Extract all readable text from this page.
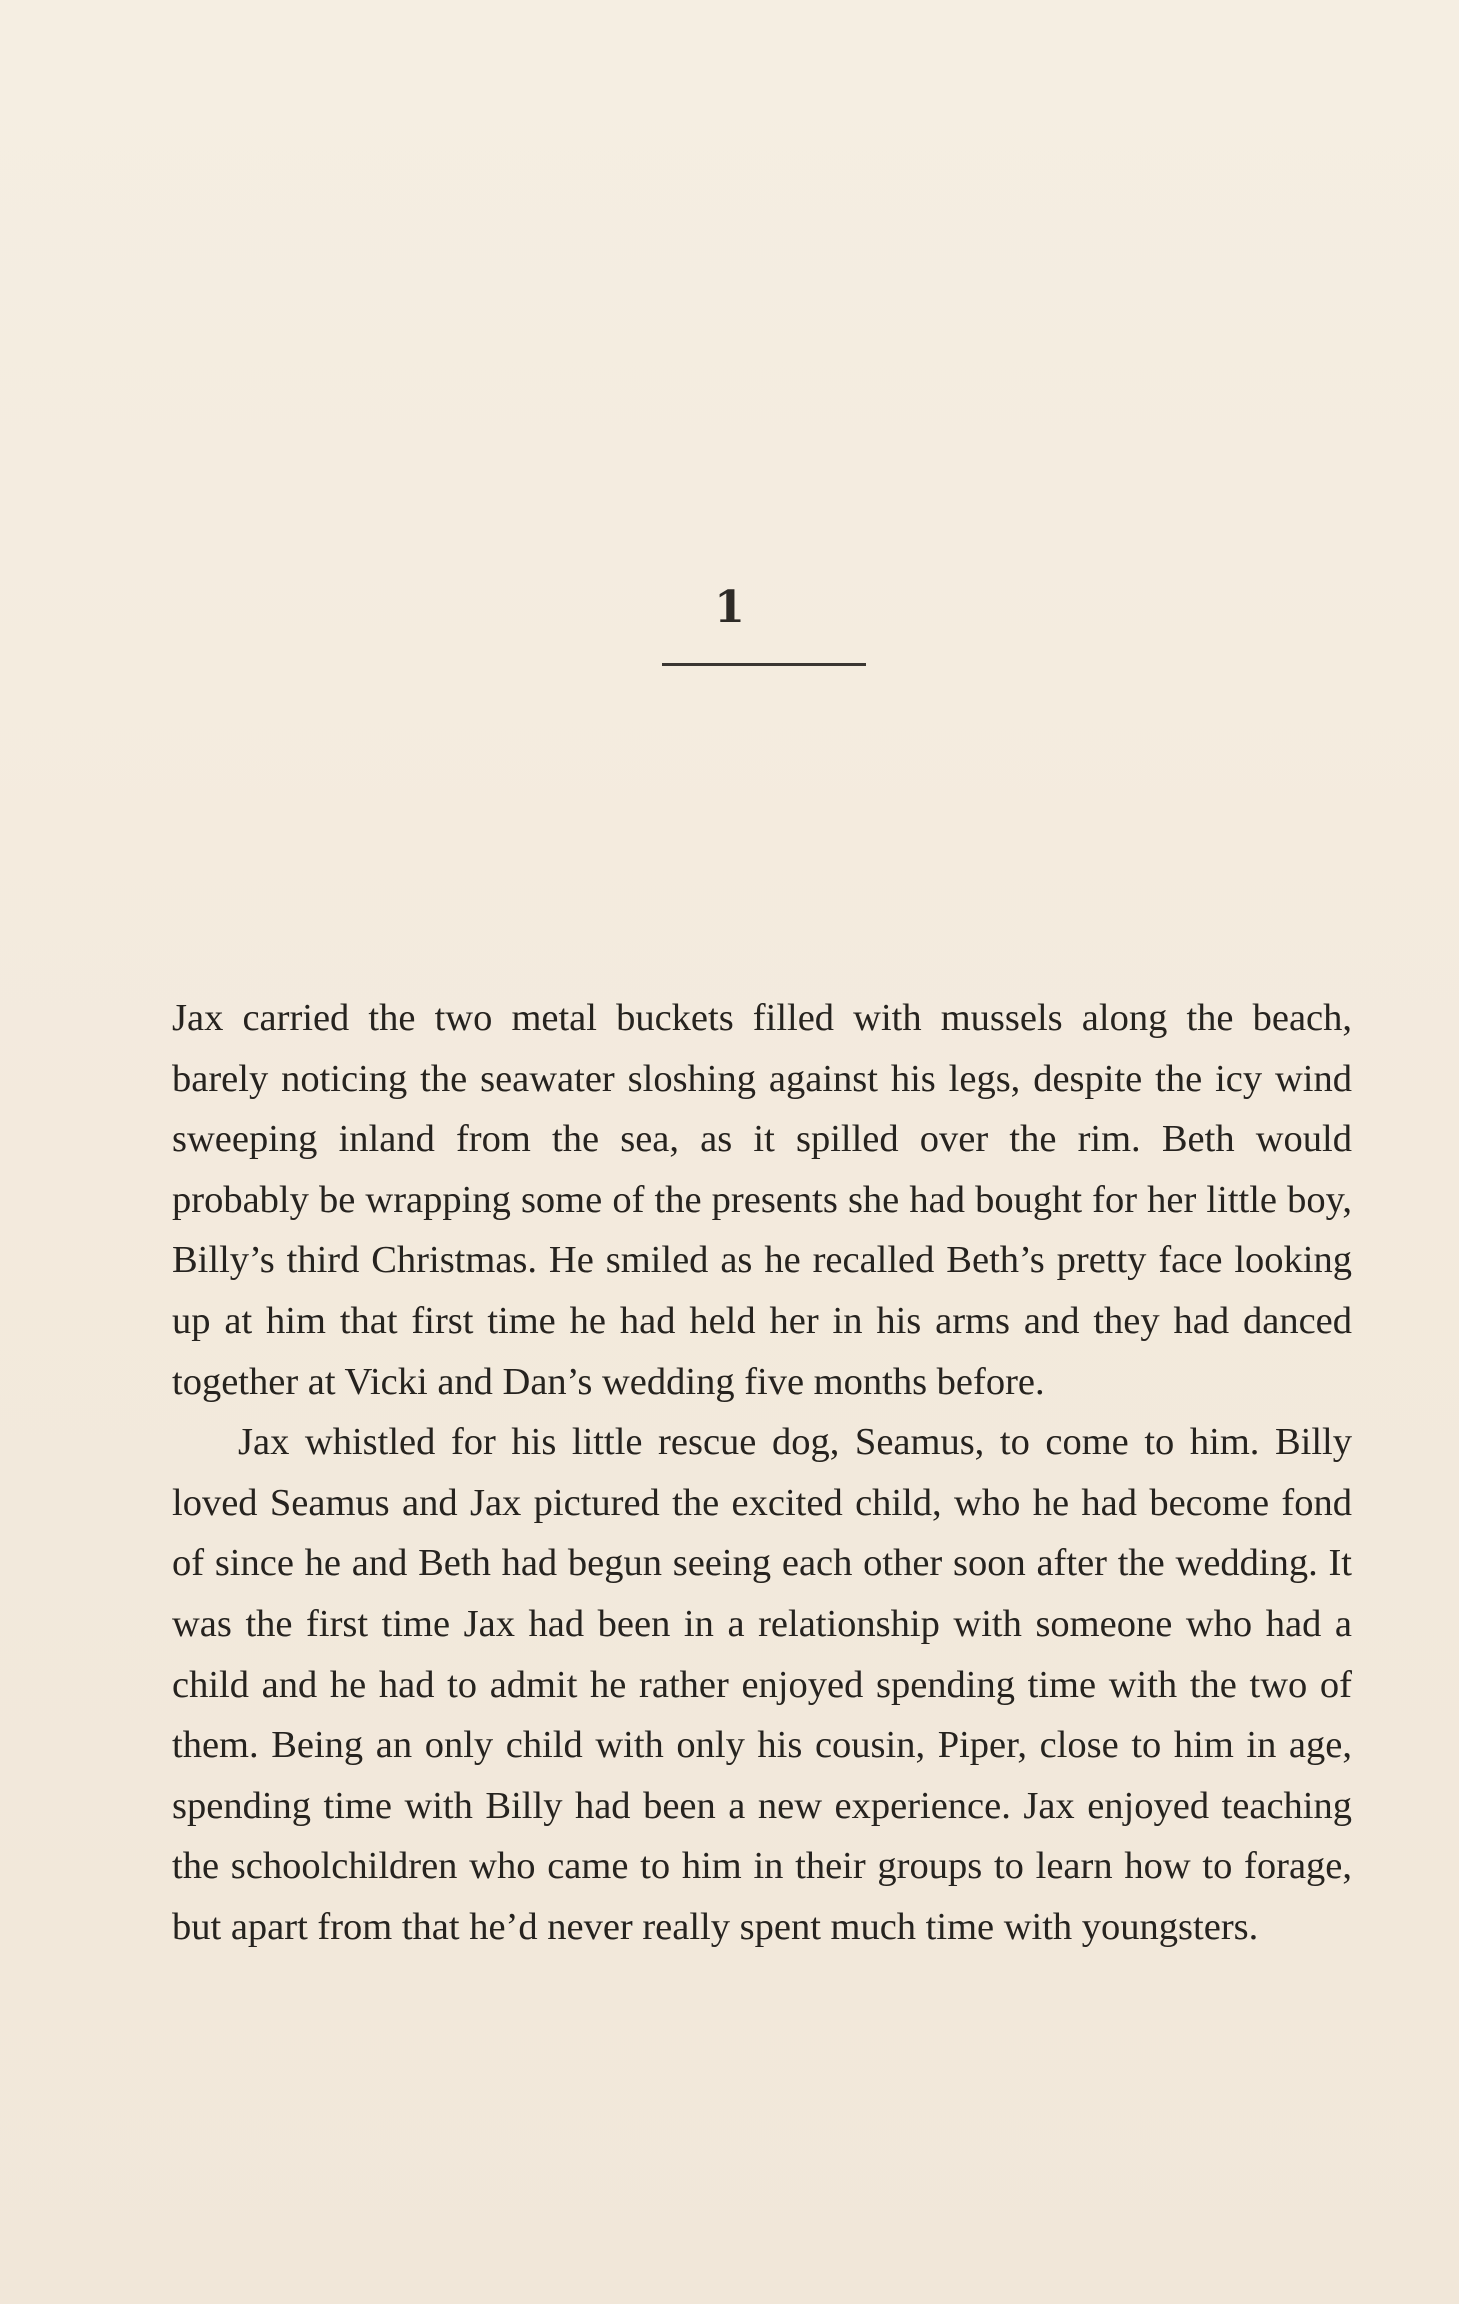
1

Jax carried the two metal buckets filled with mussels along the beach, barely noticing the seawater sloshing against his legs, despite the icy wind sweeping inland from the sea, as it spilled over the rim. Beth would probably be wrapping some of the presents she had bought for her little boy, Billy’s third Christmas. He smiled as he recalled Beth’s pretty face looking up at him that first time he had held her in his arms and they had danced together at Vicki and Dan’s wedding five months before.

Jax whistled for his little rescue dog, Seamus, to come to him. Billy loved Seamus and Jax pictured the excited child, who he had become fond of since he and Beth had begun seeing each other soon after the wedding. It was the first time Jax had been in a relationship with someone who had a child and he had to admit he rather enjoyed spending time with the two of them. Being an only child with only his cousin, Piper, close to him in age, spending time with Billy had been a new experience. Jax enjoyed teaching the schoolchildren who came to him in their groups to learn how to forage, but apart from that he’d never really spent much time with youngsters.
